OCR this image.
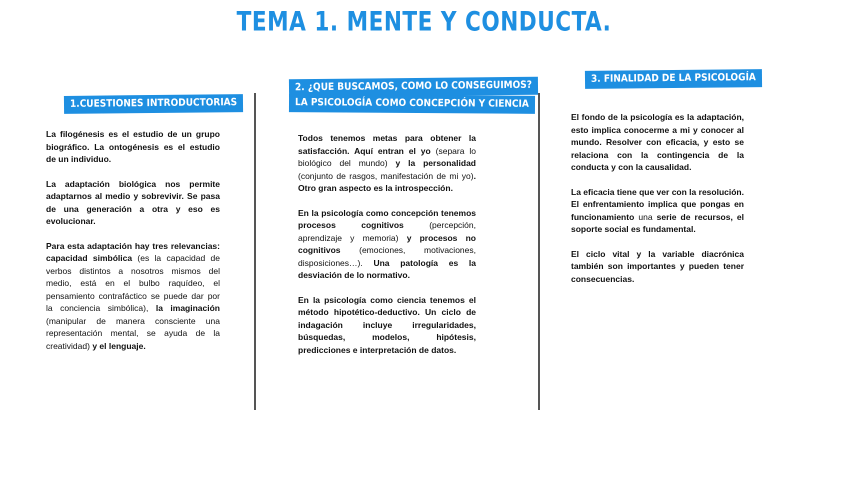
TEMA 1. MENTE Y CONDUCTA.
1.CUESTIONES INTRODUCTORIAS
2. ¿QUE BUSCAMOS, COMO LO CONSEGUIMOS?
LA PSICOLOGÍA COMO CONCEPCIÓN Y CIENCIA
3. FINALIDAD DE LA PSICOLOGÍA

La filogénesis es el estudio de un grupo biográfico. La ontogénesis es el estudio de un individuo.

La adaptación biológica nos permite adaptarnos al medio y sobrevivir. Se pasa de una generación a otra y eso es evolucionar.

Para esta adaptación hay tres relevancias: capacidad simbólica (es la capacidad de verbos distintos a nosotros mismos del medio, está en el bulbo raquídeo, el pensamiento contrafáctico se puede dar por la conciencia simbólica), la imaginación (manipular de manera consciente una representación mental, se ayuda de la creatividad) y el lenguaje.

Todos tenemos metas para obtener la satisfacción. Aquí entran el yo (separa lo biológico del mundo) y la personalidad (conjunto de rasgos, manifestación de mi yo). Otro gran aspecto es la introspección.

En la psicología como concepción tenemos procesos cognitivos (percepción, aprendizaje y memoria) y procesos no cognitivos (emociones, motivaciones, disposiciones…). Una patología es la desviación de lo normativo.

En la psicología como ciencia tenemos el método hipotético-deductivo. Un ciclo de indagación incluye irregularidades, búsquedas, modelos, hipótesis, predicciones e interpretación de datos.

El fondo de la psicología es la adaptación, esto implica conocerme a mi y conocer al mundo. Resolver con eficacia, y esto se relaciona con la contingencia de la conducta y con la causalidad.

La eficacia tiene que ver con la resolución. El enfrentamiento implica que pongas en funcionamiento una serie de recursos, el soporte social es fundamental.

El ciclo vital y la variable diacrónica también son importantes y pueden tener consecuencias.
